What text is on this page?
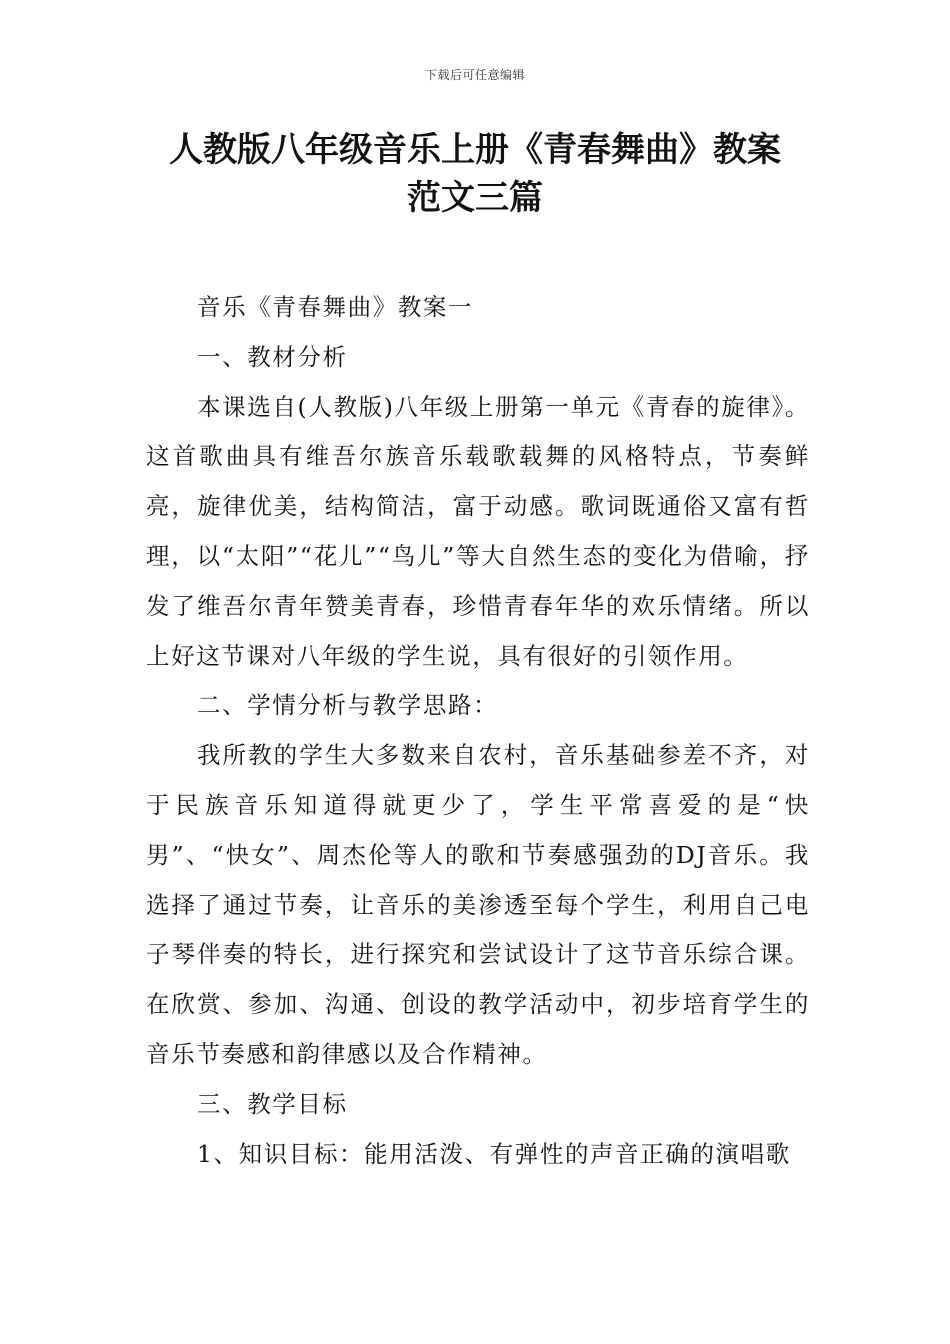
下载后可任意编辑
人教版八年级音乐上册《青春舞曲》教案
范文三篇

音乐《青春舞曲》教案一

一、教材分析

本课选自(人教版)八年级上册第一单元《青春的旋律》。这首歌曲具有维吾尔族音乐载歌载舞的风格特点，节奏鲜亮，旋律优美，结构简洁，富于动感。歌词既通俗又富有哲理，以“太阳”“花儿”“鸟儿”等大自然生态的变化为借喻，抒发了维吾尔青年赞美青春，珍惜青春年华的欢乐情绪。所以上好这节课对八年级的学生说，具有很好的引领作用。

二、学情分析与教学思路：

我所教的学生大多数来自农村，音乐基础参差不齐，对于民族音乐知道得就更少了，学生平常喜爱的是“快男”、“快女”、周杰伦等人的歌和节奏感强劲的DJ音乐。我选择了通过节奏，让音乐的美渗透至每个学生，利用自己电子琴伴奏的特长，进行探究和尝试设计了这节音乐综合课。在欣赏、参加、沟通、创设的教学活动中，初步培育学生的音乐节奏感和韵律感以及合作精神。

三、教学目标

1、知识目标：能用活泼、有弹性的声音正确的演唱歌
